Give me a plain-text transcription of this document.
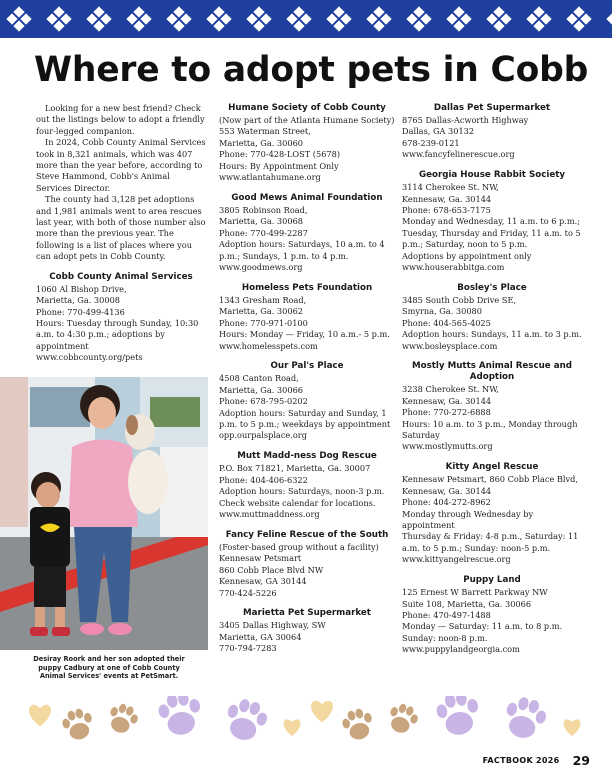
Where to adopt pets in Cobb

Looking for a new best friend? Check out the listings below to adopt a friendly four-legged companion.

In 2024, Cobb County Animal Services took in 8,321 animals, which was 407 more than the year before, according to Steve Hammond, Cobb's Animal Services Director.

The county had 3,128 pet adoptions and 1,981 animals went to area rescues last year, with both of those number also more than the previous year. The following is a list of places where you can adopt pets in Cobb County.

Cobb County Animal Services
1060 Al Bishop Drive,
Marietta, Ga. 30008
Phone: 770-499-4136
Hours: Tuesday through Sunday, 10:30 a.m. to 4:30 p.m.; adoptions by appointment
www.cobbcounty.org/pets
Humane Society of Cobb County
(Now part of the Atlanta Humane Society)
553 Waterman Street,
Marietta, Ga. 30060
Phone: 770-428-LOST (5678)
Hours: By Appointment Only
www.atlantahumane.org
Good Mews Animal Foundation
3805 Robinson Road,
Marietta, Ga. 30068
Phone: 770-499-2287
Adoption hours: Saturdays, 10 a.m. to 4 p.m.; Sundays, 1 p.m. to 4 p.m.
www.goodmews.org
Homeless Pets Foundation
1343 Gresham Road,
Marietta, Ga. 30062
Phone: 770-971-0100
Hours: Monday — Friday, 10 a.m.- 5 p.m.
www.homelesspets.com
Our Pal's Place
4508 Canton Road,
Marietta, Ga. 30066
Phone: 678-795-0202
Adoption hours: Saturday and Sunday, 1 p.m. to 5 p.m.; weekdays by appointment
opp.ourpalsplace.org
Mutt Madd-ness Dog Rescue
P.O. Box 71821, Marietta, Ga. 30007
Phone: 404-406-6322
Adoption hours: Saturdays, noon-3 p.m. Check website calendar for locations.
www.muttmaddness.org
Fancy Feline Rescue of the South
(Foster-based group without a facility)
Kennesaw Petsmart
860 Cobb Place Blvd NW
Kennesaw, GA 30144
770-424-5226
Marietta Pet Supermarket
3405 Dallas Highway, SW
Marietta, GA 30064
770-794-7283
Dallas Pet Supermarket
8765 Dallas-Acworth Highway
Dallas, GA 30132
678-239-0121
www.fancyfelinerescue.org
Georgia House Rabbit Society
3114 Cherokee St. NW,
Kennesaw, Ga. 30144
Phone: 678-653-7175
Monday and Wednesday, 11 a.m. to 6 p.m.; Tuesday, Thursday and Friday, 11 a.m. to 5 p.m.; Saturday, noon to 5 p.m.
Adoptions by appointment only
www.houserabbitga.com
Bosley's Place
3485 South Cobb Drive SE,
Smyrna, Ga. 30080
Phone: 404-565-4025
Adoption hours: Sundays, 11 a.m. to 3 p.m.
www.bosleysplace.com
Mostly Mutts Animal Rescue and Adoption
3238 Cherokee St. NW,
Kennesaw, Ga. 30144
Phone: 770-272-6888
Hours: 10 a.m. to 3 p.m., Monday through Saturday
www.mostlymutts.org
Kitty Angel Rescue
Kennesaw Petsmart, 860 Cobb Place Blvd, Kennesaw, Ga. 30144
Phone: 404-272-8962
Monday through Wednesday by appointment
Thursday & Friday: 4-8 p.m., Saturday: 11 a.m. to 5 p.m.; Sunday: noon-5 p.m.
www.kittyangelrescue.org
Puppy Land
125 Ernest W Barrett Parkway NW
Suite 108, Marietta, Ga. 30066
Phone: 470-497-1488
Monday — Saturday: 11 a.m. to 8 p.m.
Sunday: noon-8 p.m.
www.puppylandgeorgia.com
Desiray Roork and her son adopted their puppy Cadbury at one of Cobb County Animal Services' events at PetSmart.
FACTBOOK 2026 29
